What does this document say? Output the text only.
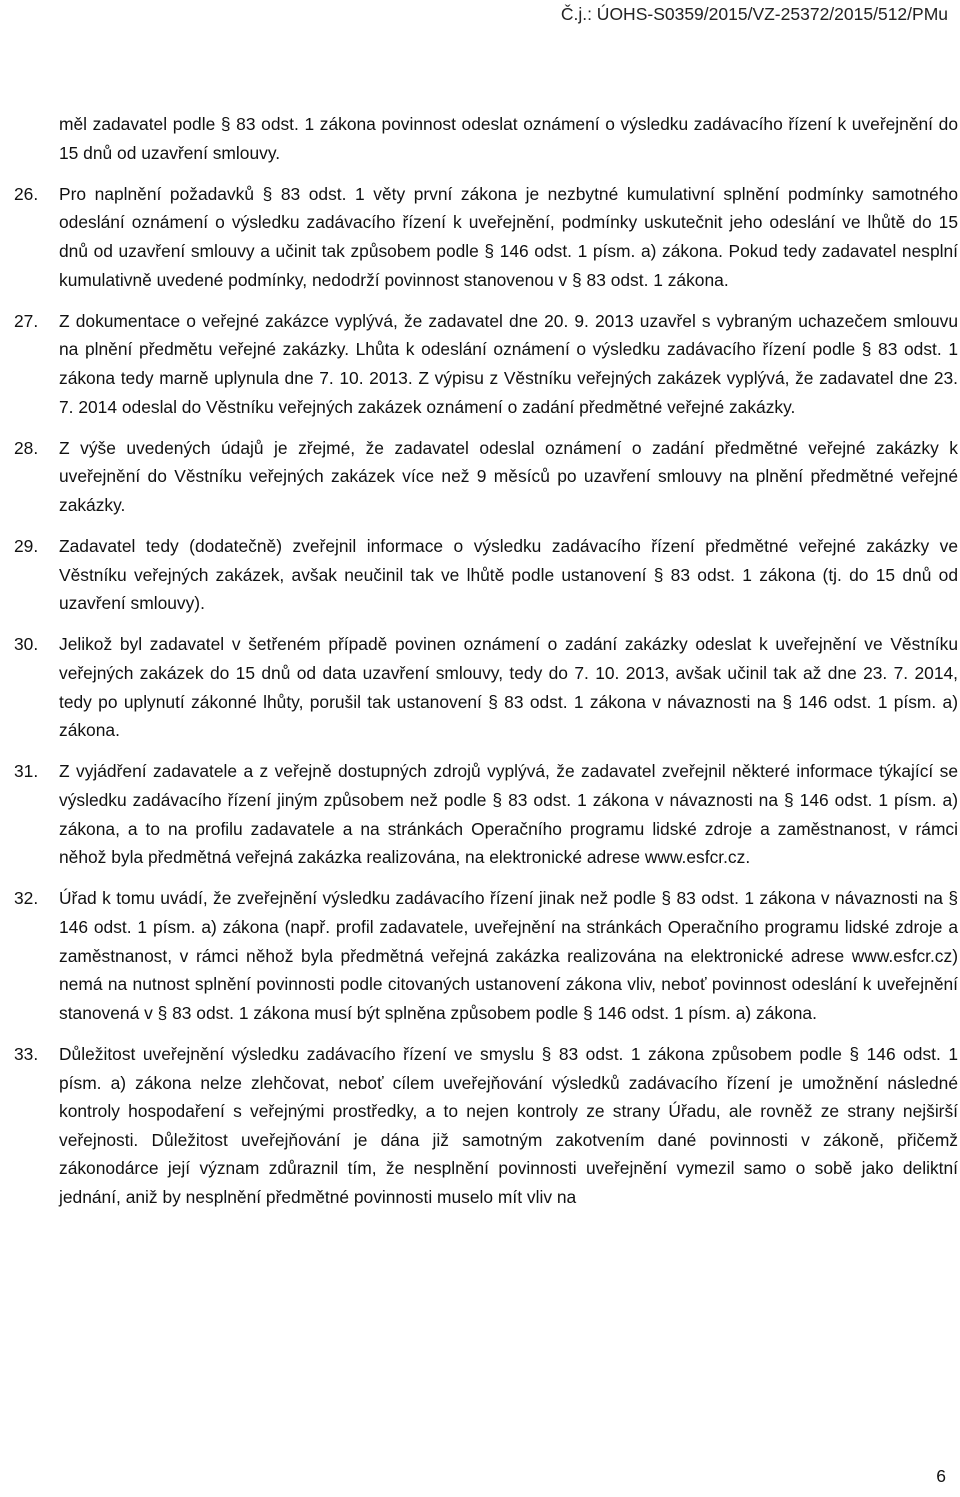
Č.j.: ÚOHS-S0359/2015/VZ-25372/2015/512/PMu

měl zadavatel podle § 83 odst. 1 zákona povinnost odeslat oznámení o výsledku zadávacího řízení k uveřejnění do 15 dnů od uzavření smlouvy.

26.	Pro naplnění požadavků § 83 odst. 1 věty první zákona je nezbytné kumulativní splnění podmínky samotného odeslání oznámení o výsledku zadávacího řízení k uveřejnění, podmínky uskutečnit jeho odeslání ve lhůtě do 15 dnů od uzavření smlouvy a učinit tak způsobem podle § 146 odst. 1 písm. a) zákona. Pokud tedy zadavatel nesplní kumulativně uvedené podmínky, nedodrží povinnost stanovenou v § 83 odst. 1 zákona.
27.	Z dokumentace o veřejné zakázce vyplývá, že zadavatel dne 20. 9. 2013 uzavřel s vybraným uchazečem smlouvu na plnění předmětu veřejné zakázky. Lhůta k odeslání oznámení o výsledku zadávacího řízení podle § 83 odst. 1 zákona tedy marně uplynula dne 7. 10. 2013. Z výpisu z Věstníku veřejných zakázek vyplývá, že zadavatel dne 23. 7. 2014 odeslal do Věstníku veřejných zakázek oznámení o zadání předmětné veřejné zakázky.
28.	Z výše uvedených údajů je zřejmé, že zadavatel odeslal oznámení o zadání předmětné veřejné zakázky k uveřejnění do Věstníku veřejných zakázek více než 9 měsíců po uzavření smlouvy na plnění předmětné veřejné zakázky.
29.	Zadavatel tedy (dodatečně) zveřejnil informace o výsledku zadávacího řízení předmětné veřejné zakázky ve Věstníku veřejných zakázek, avšak neučinil tak ve lhůtě podle ustanovení § 83 odst. 1 zákona (tj. do 15 dnů od uzavření smlouvy).
30.	Jelikož byl zadavatel v šetřeném případě povinen oznámení o zadání zakázky odeslat k uveřejnění ve Věstníku veřejných zakázek do 15 dnů od data uzavření smlouvy, tedy do 7. 10. 2013, avšak učinil tak až dne 23. 7. 2014, tedy po uplynutí zákonné lhůty, porušil tak ustanovení § 83 odst. 1 zákona v návaznosti na § 146 odst. 1 písm. a) zákona.
31.	Z vyjádření zadavatele a z veřejně dostupných zdrojů vyplývá, že zadavatel zveřejnil některé informace týkající se výsledku zadávacího řízení jiným způsobem než podle § 83 odst. 1 zákona v návaznosti na § 146 odst. 1 písm. a) zákona, a to na profilu zadavatele a na stránkách Operačního programu lidské zdroje a zaměstnanost, v rámci něhož byla předmětná veřejná zakázka realizována, na elektronické adrese www.esfcr.cz.
32.	Úřad k tomu uvádí, že zveřejnění výsledku zadávacího řízení jinak než podle § 83 odst. 1 zákona v návaznosti na § 146 odst. 1 písm. a) zákona (např. profil zadavatele, uveřejnění na stránkách Operačního programu lidské zdroje a zaměstnanost, v rámci něhož byla předmětná veřejná zakázka realizována na elektronické adrese www.esfcr.cz) nemá na nutnost splnění povinnosti podle citovaných ustanovení zákona vliv, neboť povinnost odeslání k uveřejnění stanovená v § 83 odst. 1 zákona musí být splněna způsobem podle § 146 odst. 1 písm. a) zákona.
33.	Důležitost uveřejnění výsledku zadávacího řízení ve smyslu § 83 odst. 1 zákona způsobem podle § 146 odst. 1 písm. a) zákona nelze zlehčovat, neboť cílem uveřejňování výsledků zadávacího řízení je umožnění následné kontroly hospodaření s veřejnými prostředky, a to nejen kontroly ze strany Úřadu, ale rovněž ze strany nejširší veřejnosti. Důležitost uveřejňování je dána již samotným zakotvením dané povinnosti v zákoně, přičemž zákonodárce její význam zdůraznil tím, že nesplnění povinnosti uveřejnění vymezil samo o sobě jako deliktní jednání, aniž by nesplnění předmětné povinnosti muselo mít vliv na
6
